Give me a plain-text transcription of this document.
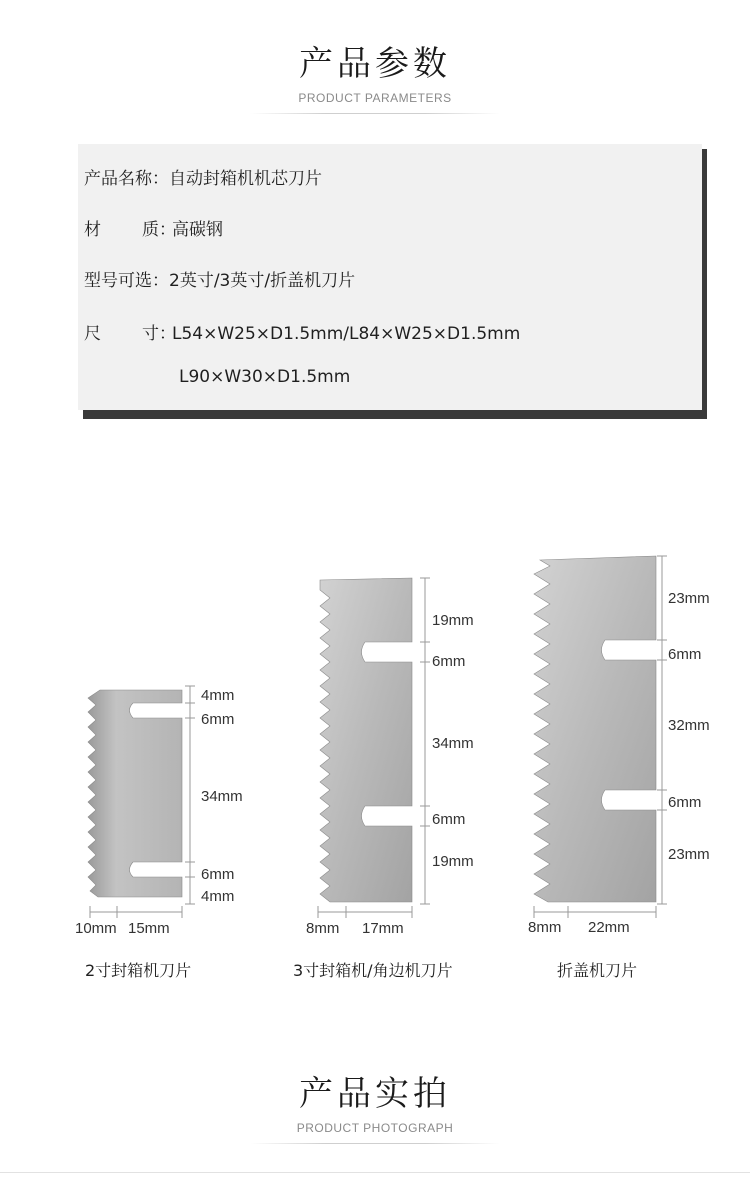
产品参数
PRODUCT PARAMETERS
产品名称：自动封箱机机芯刀片
材 质：高碳钢
型号可选：2英寸/3英寸/折盖机刀片
尺 寸：L54×W25×D1.5mm/L84×W25×D1.5mm
L90×W30×D1.5mm
4mm
6mm
34mm
6mm
4mm
10mm 15mm
2寸封箱机刀片
19mm
6mm
34mm
6mm
19mm
8mm 17mm
3寸封箱机/角边机刀片
23mm
6mm
32mm
6mm
23mm
8mm 22mm
折盖机刀片
产品实拍
PRODUCT PHOTOGRAPH
